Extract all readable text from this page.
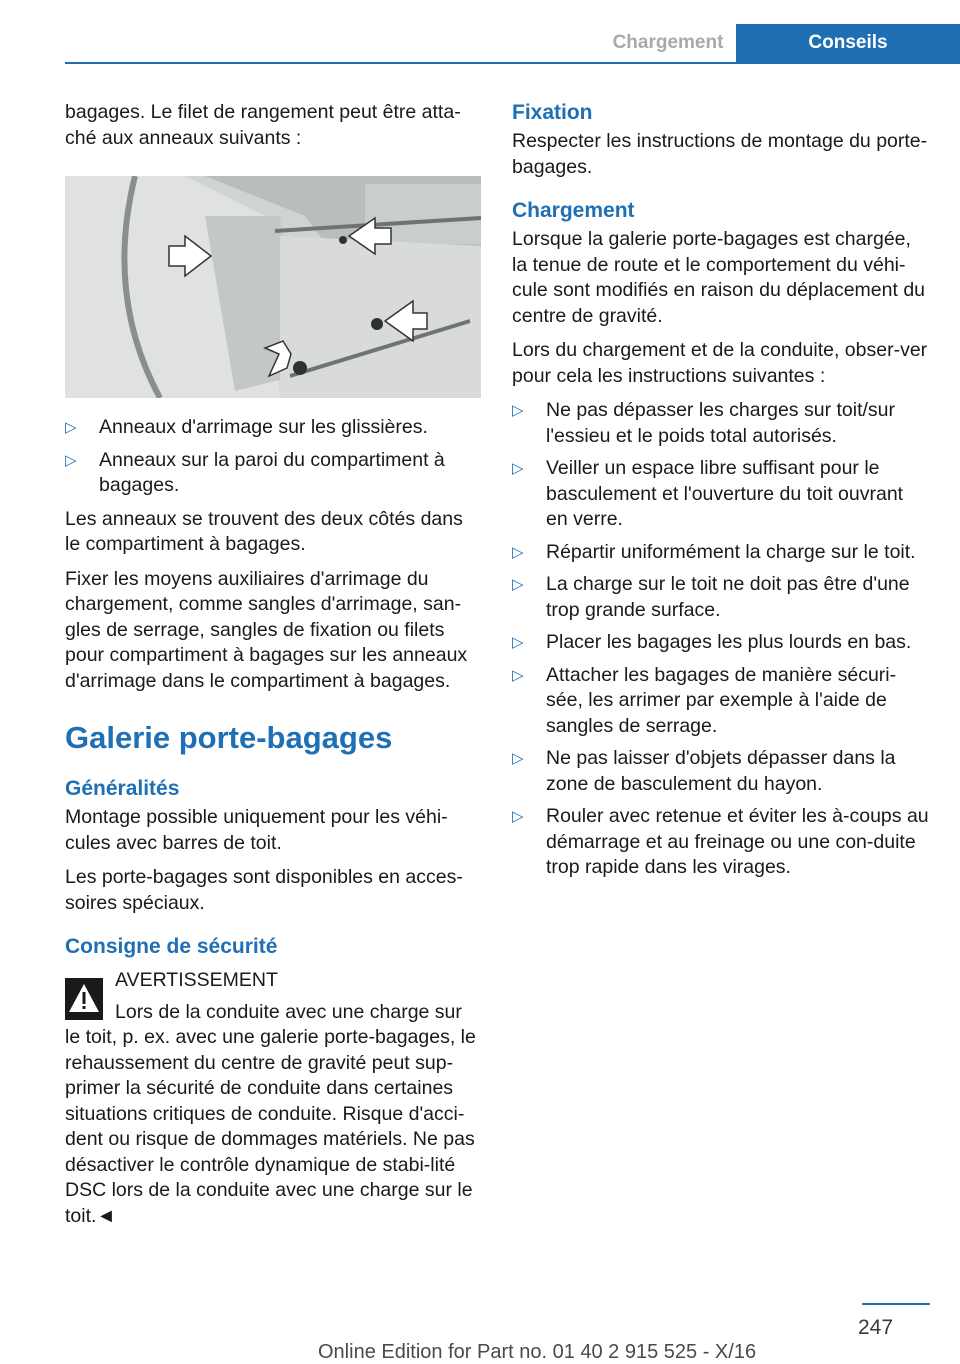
Chargement	Conseils

bagages. Le filet de rangement peut être atta-ché aux anneaux suivants :

▷ Anneaux d'arrimage sur les glissières.
▷ Anneaux sur la paroi du compartiment à bagages.

Les anneaux se trouvent des deux côtés dans le compartiment à bagages.

Fixer les moyens auxiliaires d'arrimage du chargement, comme sangles d'arrimage, san-gles de serrage, sangles de fixation ou filets pour compartiment à bagages sur les anneaux d'arrimage dans le compartiment à bagages.

Galerie porte-bagages
Généralités

Montage possible uniquement pour les véhi-cules avec barres de toit.

Les porte-bagages sont disponibles en acces-soires spéciaux.

Consigne de sécurité

AVERTISSEMENT

Lors de la conduite avec une charge sur

le toit, p. ex. avec une galerie porte-bagages, le rehaussement du centre de gravité peut sup-primer la sécurité de conduite dans certaines situations critiques de conduite. Risque d'acci-dent ou risque de dommages matériels. Ne pas désactiver le contrôle dynamique de stabi-lité DSC lors de la conduite avec une charge sur le toit.◄

Fixation

Respecter les instructions de montage du porte-bagages.

Chargement

Lorsque la galerie porte-bagages est chargée, la tenue de route et le comportement du véhi-cule sont modifiés en raison du déplacement du centre de gravité.

Lors du chargement et de la conduite, obser-ver pour cela les instructions suivantes :

▷ Ne pas dépasser les charges sur toit/sur l'essieu et le poids total autorisés.
▷ Veiller un espace libre suffisant pour le basculement et l'ouverture du toit ouvrant en verre.
▷ Répartir uniformément la charge sur le toit.
▷ La charge sur le toit ne doit pas être d'une trop grande surface.
▷ Placer les bagages les plus lourds en bas.
▷ Attacher les bagages de manière sécuri-sée, les arrimer par exemple à l'aide de sangles de serrage.
▷ Ne pas laisser d'objets dépasser dans la zone de basculement du hayon.
▷ Rouler avec retenue et éviter les à-coups au démarrage et au freinage ou une con-duite trop rapide dans les virages.
247
Online Edition for Part no. 01 40 2 915 525 - X/16
